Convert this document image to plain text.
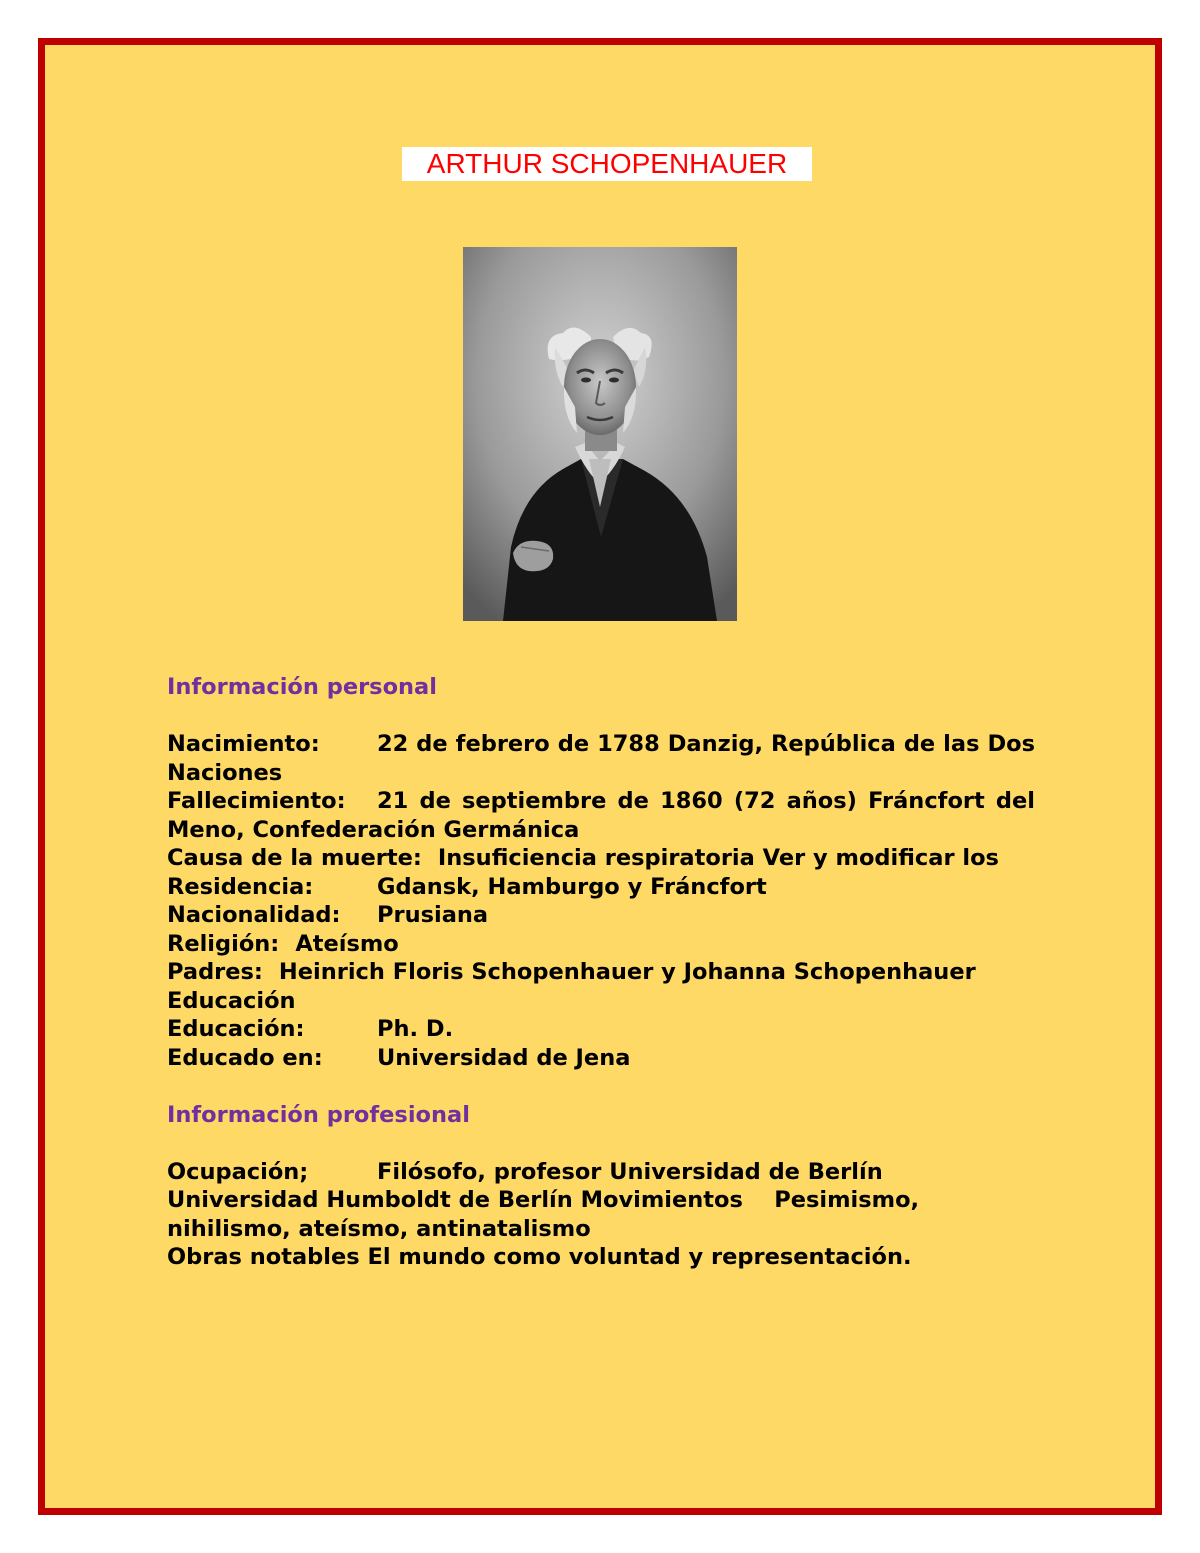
ARTHUR SCHOPENHAUER

Información personal

Nacimiento:	22 de febrero de 1788 Danzig, República de las Dos Naciones

Fallecimiento: 21 de septiembre de 1860 (72 años) Fráncfort del Meno, Confederación Germánica

Causa de la muerte: Insuficiencia respiratoria Ver y modificar los

Residencia:	Gdansk, Hamburgo y Fráncfort

Nacionalidad: Prusiana

Religión: Ateísmo

Padres: Heinrich Floris Schopenhauer y Johanna Schopenhauer

Educación

Educación:	Ph. D.

Educado en: Universidad de Jena

Información profesional

Ocupación;	Filósofo, profesor Universidad de Berlín

Universidad Humboldt de Berlín Movimientos Pesimismo, nihilismo, ateísmo, antinatalismo

Obras notables El mundo como voluntad y representación.
